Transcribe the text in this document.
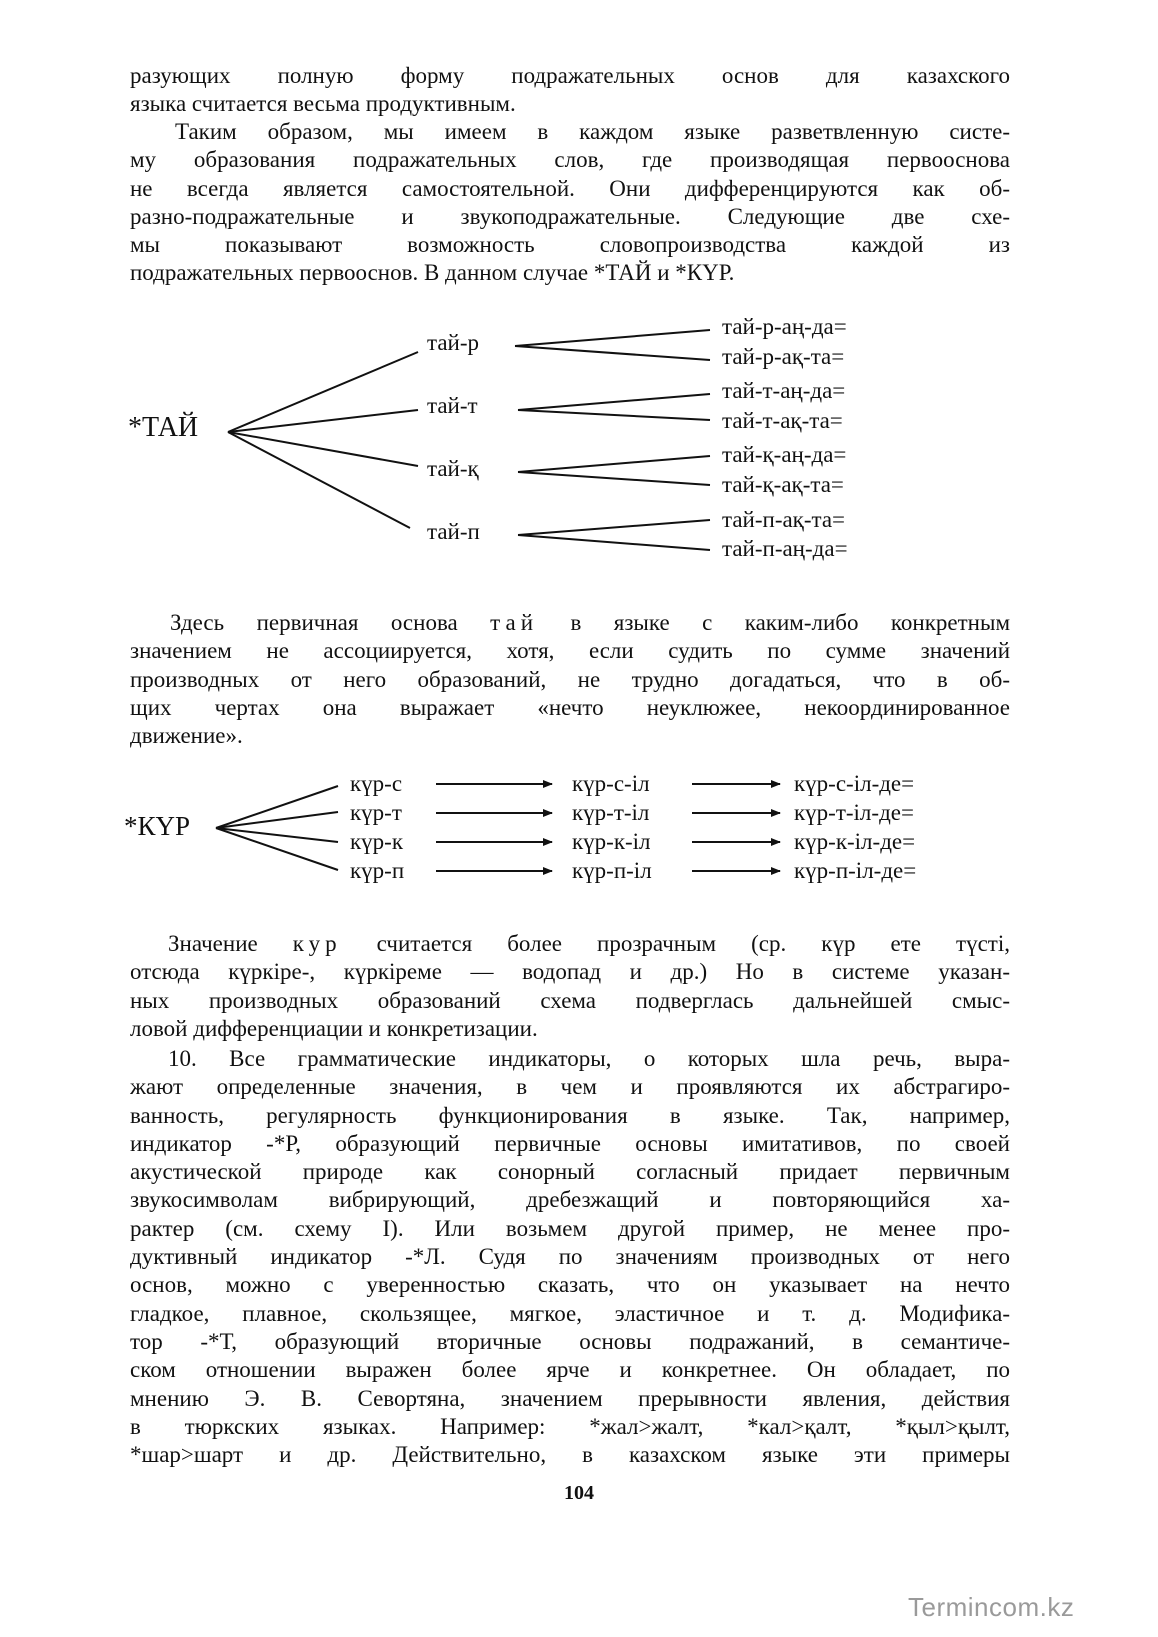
разующих полную форму подражательных основ для казахского
языка считается весьма продуктивным.
Таким образом, мы имеем в каждом языке разветвленную систе-
му образования подражательных слов, где производящая первооснова
не всегда является самостоятельной. Они дифференцируются как об-
разно-подражательные и звукоподражательные. Следующие две схе-
мы показывают возможность словопроизводства каждой из
подражательных первооснов. В данном случае *ТАЙ и *КҮР.
*ТАЙ
тай-р
тай-т
тай-қ
тай-п
тай-р-аң-да=
тай-р-ақ-та=
тай-т-аң-да=
тай-т-ақ-та=
тай-қ-аң-да=
тай-қ-ақ-та=
тай-п-ақ-та=
тай-п-аң-да=
Здесь первичная основа тай в языке с каким-либо конкретным
значением не ассоциируется, хотя, если судить по сумме значений
производных от него образований, не трудно догадаться, что в об-
щих чертах она выражает «нечто неуклюжее, некоординированное
движение».
*КҮР
күр-с
күр-т
күр-к
күр-п
күр-с-іл
күр-т-іл
күр-к-іл
күр-п-іл
күр-с-іл-де=
күр-т-іл-де=
күр-к-іл-де=
күр-п-іл-де=
Значение кур считается более прозрачным (ср. күр ете түсті,
отсюда күркіре-, күркіреме — водопад и др.) Но в системе указан-
ных производных образований схема подверглась дальнейшей смыс-
ловой дифференциации и конкретизации.
10. Все грамматические индикаторы, о которых шла речь, выра-
жают определенные значения, в чем и проявляются их абстрагиро-
ванность, регулярность функционирования в языке. Так, например,
индикатор -*Р, образующий первичные основы имитативов, по своей
акустической природе как сонорный согласный придает первичным
звукосимволам вибрирующий, дребезжащий и повторяющийся ха-
рактер (см. схему I). Или возьмем другой пример, не менее про-
дуктивный индикатор -*Л. Судя по значениям производных от него
основ, можно с уверенностью сказать, что он указывает на нечто
гладкое, плавное, скользящее, мягкое, эластичное и т. д. Модифика-
тор -*Т, образующий вторичные основы подражаний, в семантиче-
ском отношении выражен более ярче и конкретнее. Он обладает, по
мнению Э. В. Севортяна, значением прерывности явления, действия
в тюркских языках. Например: *жал>жалт, *кал>қалт, *қыл>қылт,
*шар>шарт и др. Действительно, в казахском языке эти примеры
104
Termincom.kz
